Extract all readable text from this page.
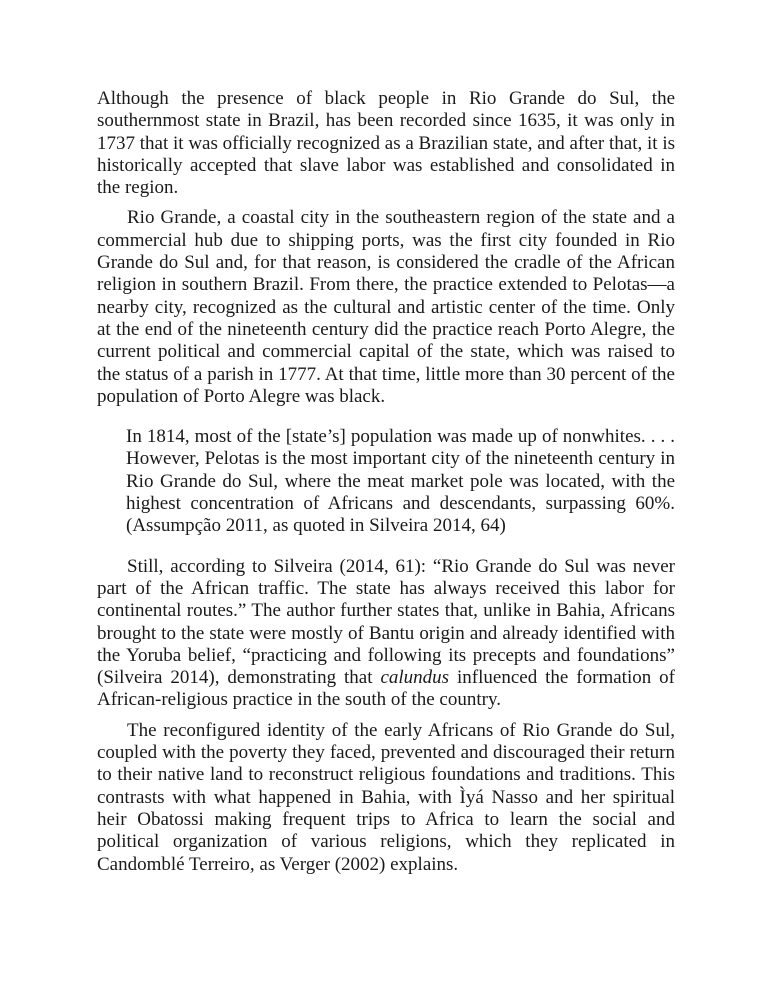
Although the presence of black people in Rio Grande do Sul, the southernmost state in Brazil, has been recorded since 1635, it was only in 1737 that it was officially recognized as a Brazilian state, and after that, it is historically accepted that slave labor was established and consolidated in the region.

Rio Grande, a coastal city in the southeastern region of the state and a commercial hub due to shipping ports, was the first city founded in Rio Grande do Sul and, for that reason, is considered the cradle of the African religion in southern Brazil. From there, the practice extended to Pelotas—a nearby city, recognized as the cultural and artistic center of the time. Only at the end of the nineteenth century did the practice reach Porto Alegre, the current political and commercial capital of the state, which was raised to the status of a parish in 1777. At that time, little more than 30 percent of the population of Porto Alegre was black.

In 1814, most of the [state’s] population was made up of nonwhites. . . . However, Pelotas is the most important city of the nineteenth century in Rio Grande do Sul, where the meat market pole was located, with the highest concentration of Africans and descendants, surpassing 60%. (Assumpção 2011, as quoted in Silveira 2014, 64)

Still, according to Silveira (2014, 61): “Rio Grande do Sul was never part of the African traffic. The state has always received this labor for continental routes.” The author further states that, unlike in Bahia, Africans brought to the state were mostly of Bantu origin and already identified with the Yoruba belief, “practicing and following its precepts and foundations” (Silveira 2014), demonstrating that calundus influenced the formation of African-religious practice in the south of the country.

The reconfigured identity of the early Africans of Rio Grande do Sul, coupled with the poverty they faced, prevented and discouraged their return to their native land to reconstruct religious foundations and traditions. This contrasts with what happened in Bahia, with Ìyá Nasso and her spiritual heir Obatossi making frequent trips to Africa to learn the social and political organization of various religions, which they replicated in Candomblé Terreiro, as Verger (2002) explains.
